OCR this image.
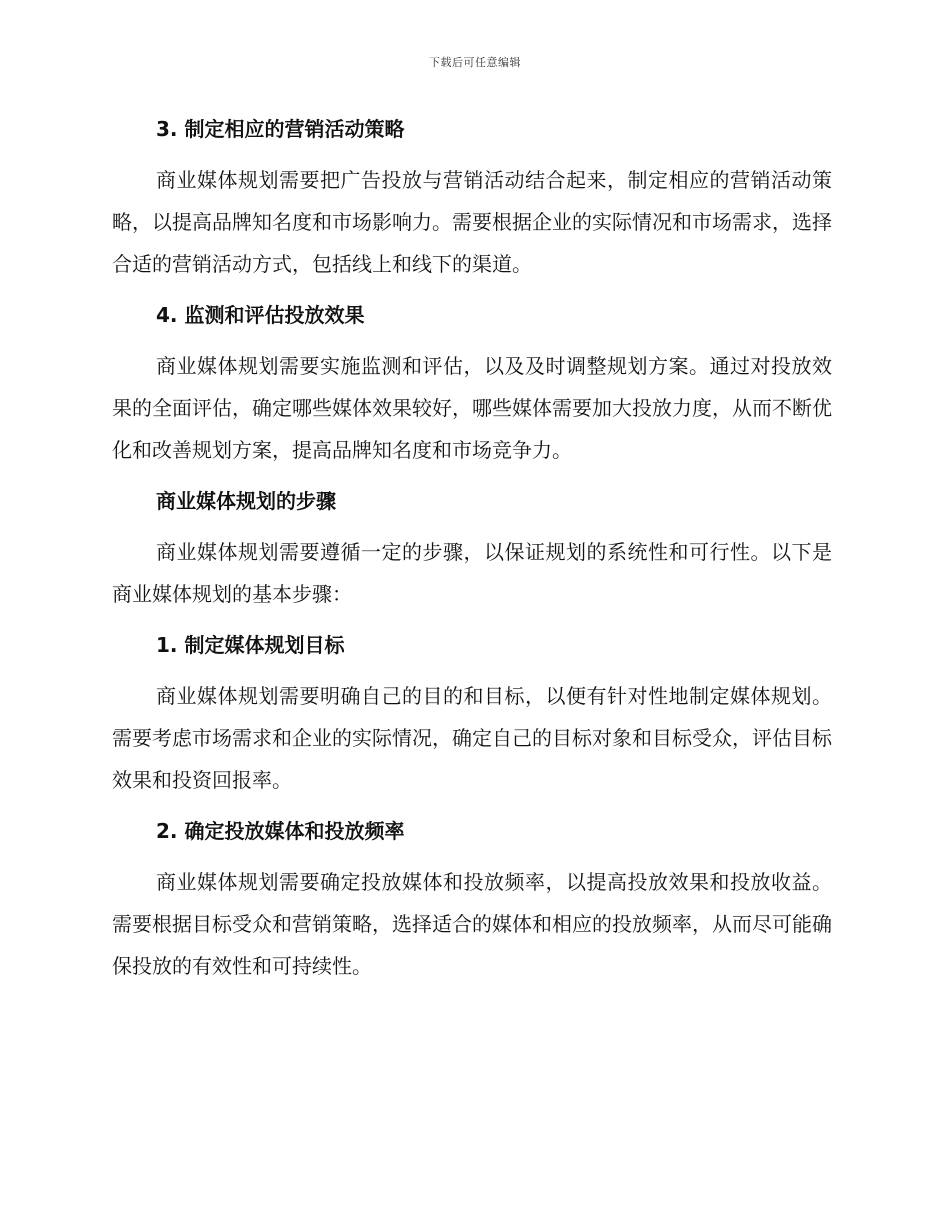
下载后可任意编辑
3. 制定相应的营销活动策略

商业媒体规划需要把广告投放与营销活动结合起来，制定相应的营销活动策略，以提高品牌知名度和市场影响力。需要根据企业的实际情况和市场需求，选择合适的营销活动方式，包括线上和线下的渠道。

4. 监测和评估投放效果

商业媒体规划需要实施监测和评估，以及及时调整规划方案。通过对投放效果的全面评估，确定哪些媒体效果较好，哪些媒体需要加大投放力度，从而不断优化和改善规划方案，提高品牌知名度和市场竞争力。

商业媒体规划的步骤

商业媒体规划需要遵循一定的步骤，以保证规划的系统性和可行性。以下是商业媒体规划的基本步骤：

1. 制定媒体规划目标

商业媒体规划需要明确自己的目的和目标，以便有针对性地制定媒体规划。需要考虑市场需求和企业的实际情况，确定自己的目标对象和目标受众，评估目标效果和投资回报率。

2. 确定投放媒体和投放频率

商业媒体规划需要确定投放媒体和投放频率，以提高投放效果和投放收益。需要根据目标受众和营销策略，选择适合的媒体和相应的投放频率，从而尽可能确保投放的有效性和可持续性。
